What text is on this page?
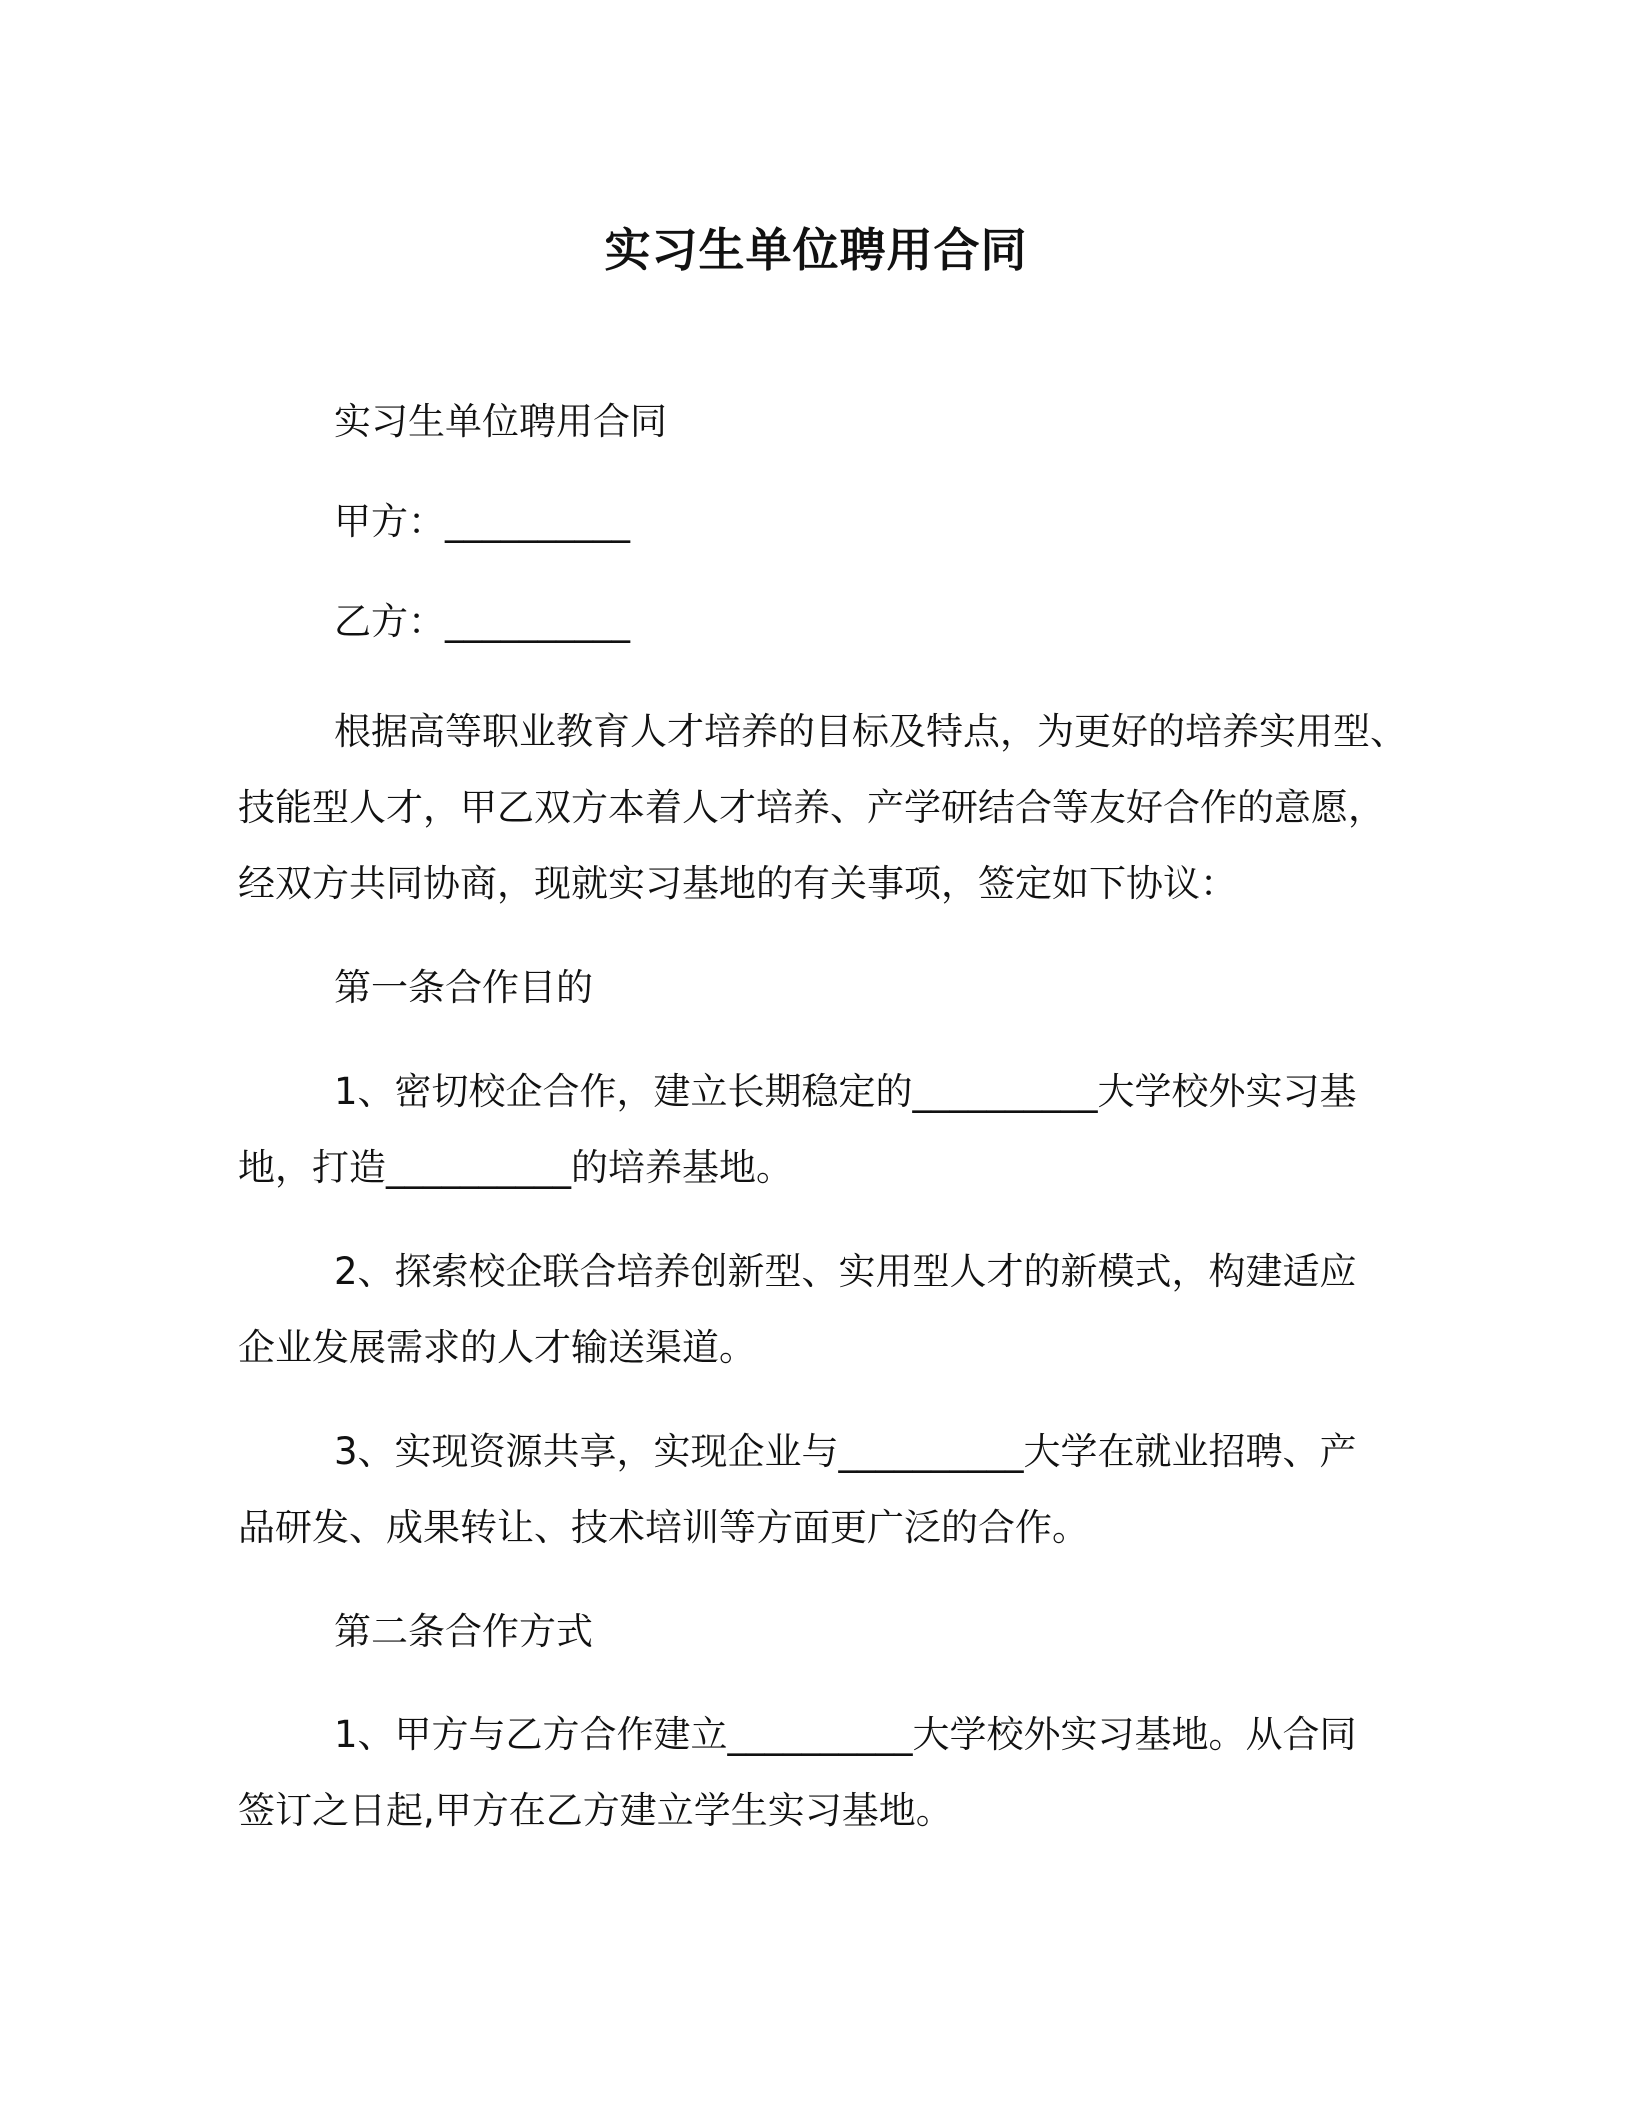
实习生单位聘用合同

实习生单位聘用合同

甲方：__________

乙方：__________

根据高等职业教育人才培养的目标及特点，为更好的培养实用型、

技能型人才，甲乙双方本着人才培养、产学研结合等友好合作的意愿，

经双方共同协商，现就实习基地的有关事项，签定如下协议：

第一条合作目的

1、密切校企合作，建立长期稳定的__________大学校外实习基

地，打造__________的培养基地。

2、探索校企联合培养创新型、实用型人才的新模式，构建适应

企业发展需求的人才输送渠道。

3、实现资源共享，实现企业与__________大学在就业招聘、产

品研发、成果转让、技术培训等方面更广泛的合作。

第二条合作方式

1、甲方与乙方合作建立__________大学校外实习基地。从合同

签订之日起,甲方在乙方建立学生实习基地。
